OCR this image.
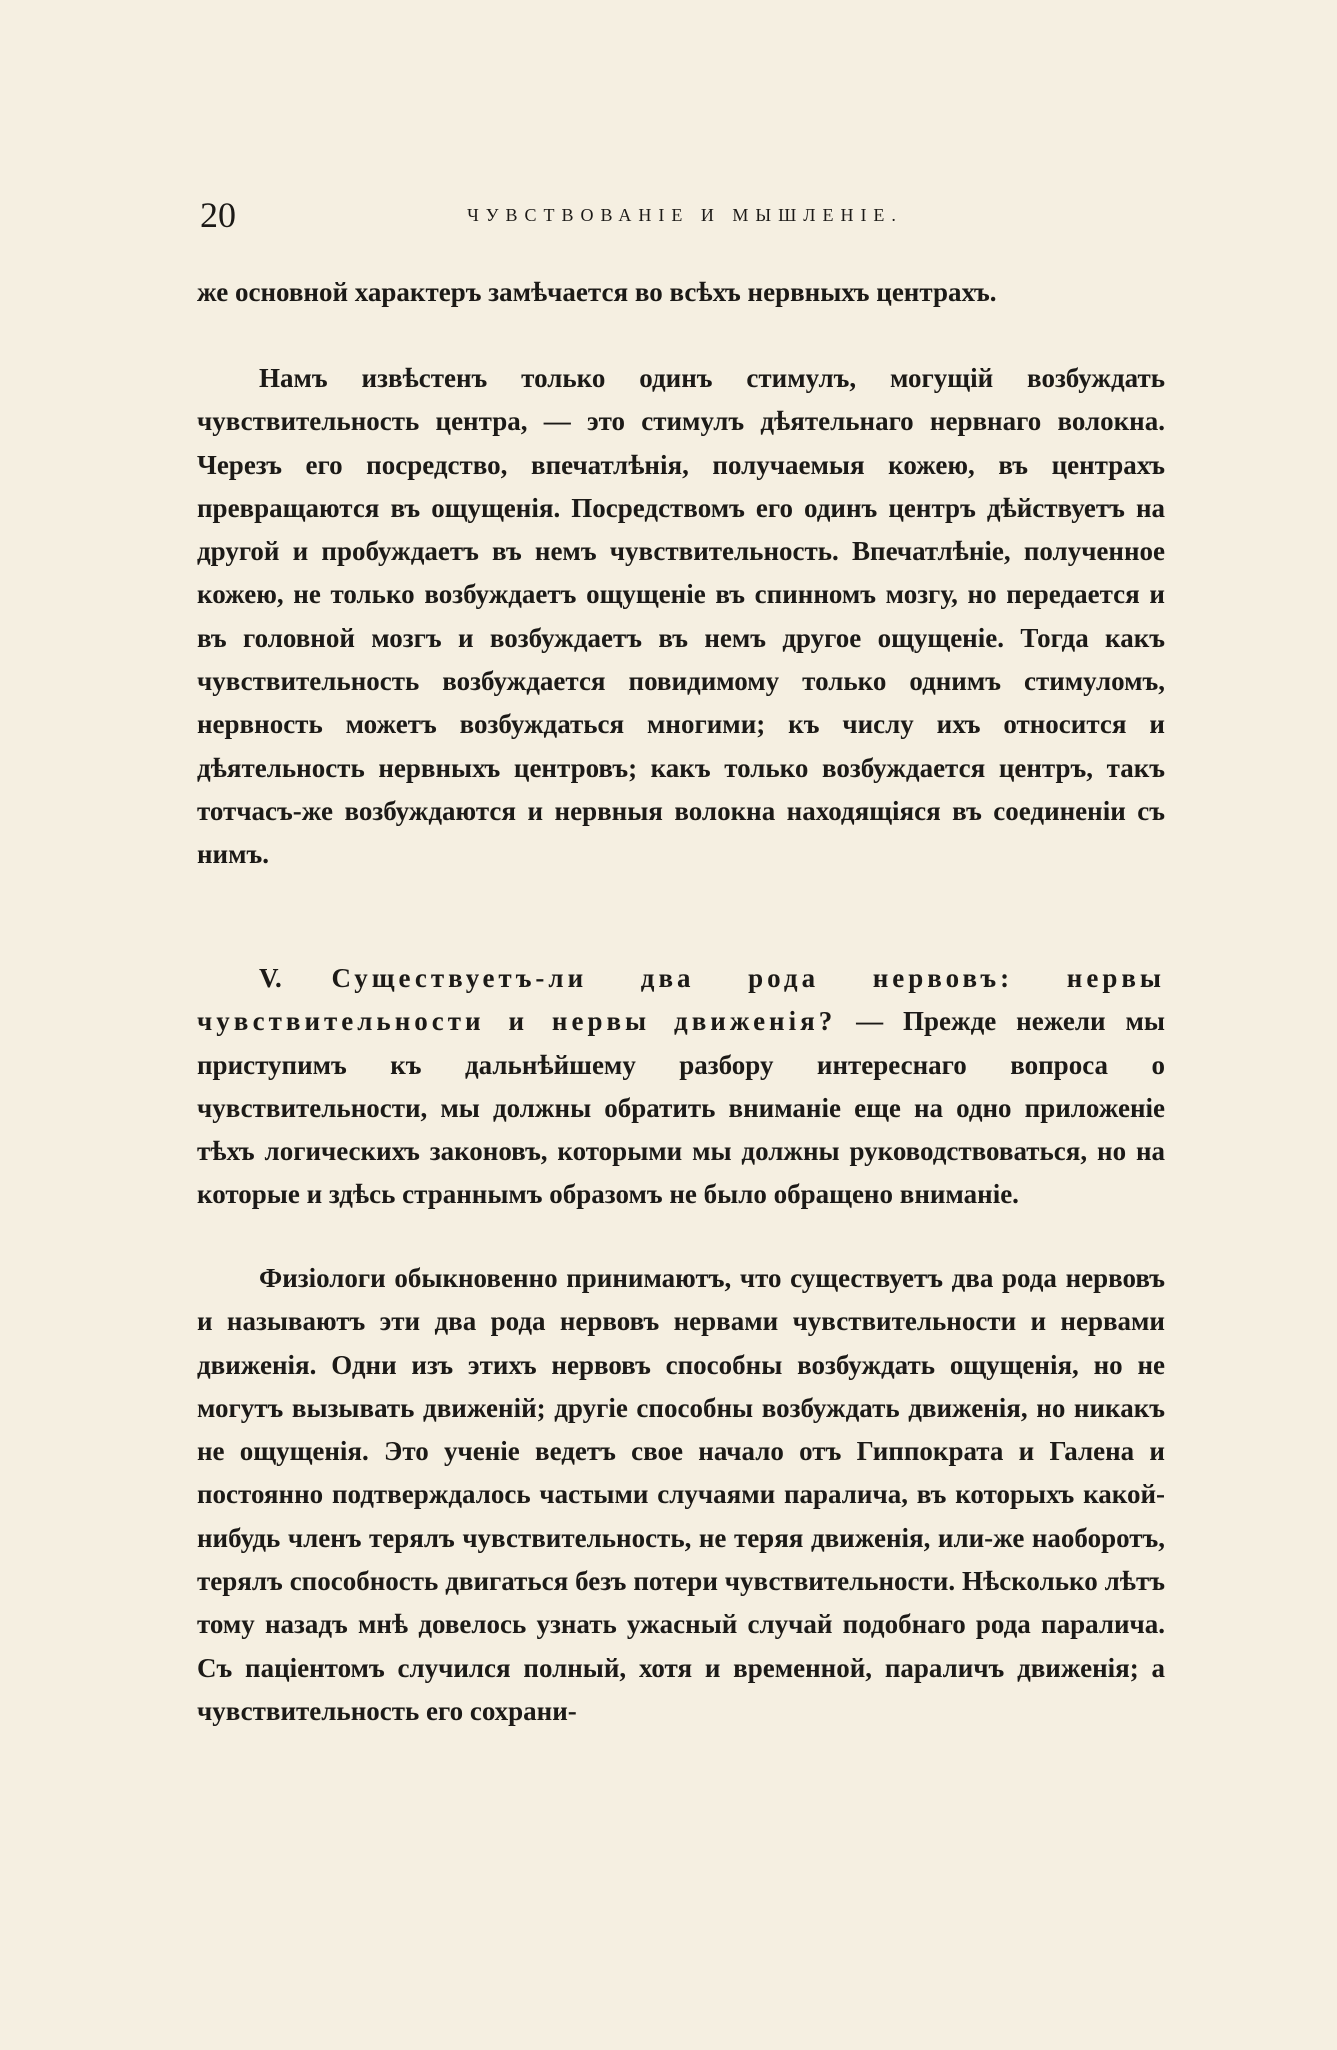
20	ЧУВСТВОВАНІЕ И МЫШЛЕНІЕ.

же основной характеръ замѣчается во всѣхъ нервныхъ центрахъ.

Намъ извѣстенъ только одинъ стимулъ, могущій возбуждать чувствительность центра, — это стимулъ дѣятельнаго нервнаго волокна. Черезъ его посредство, впечатлѣнія, получаемыя кожею, въ центрахъ превращаются въ ощущенія. Посредствомъ его одинъ центръ дѣйствуетъ на другой и пробуждаетъ въ немъ чувствительность. Впечатлѣніе, полученное кожею, не только возбуждаетъ ощущеніе въ спинномъ мозгу, но передается и въ головной мозгъ и возбуждаетъ въ немъ другое ощущеніе. Тогда какъ чувствительность возбуждается повидимому только однимъ стимуломъ, нервность можетъ возбуждаться многими; къ числу ихъ относится и дѣятельность нервныхъ центровъ; какъ только возбуждается центръ, такъ тотчасъ-же возбуждаются и нервныя волокна находящіяся въ соединеніи съ нимъ.

V. Существуетъ-ли два рода нервовъ: нервы чувствительности и нервы движенія? — Прежде нежели мы приступимъ къ дальнѣйшему разбору интереснаго вопроса о чувствительности, мы должны обратить вниманіе еще на одно приложеніе тѣхъ логическихъ законовъ, которыми мы должны руководствоваться, но на которые и здѣсь страннымъ образомъ не было обращено вниманіе.

Физіологи обыкновенно принимаютъ, что существуетъ два рода нервовъ и называютъ эти два рода нервовъ нервами чувствительности и нервами движенія. Одни изъ этихъ нервовъ способны возбуждать ощущенія, но не могутъ вызывать движеній; другіе способны возбуждать движенія, но никакъ не ощущенія. Это ученіе ведетъ свое начало отъ Гиппократа и Галена и постоянно подтверждалось частыми случаями паралича, въ которыхъ какой-нибудь членъ терялъ чувствительность, не теряя движенія, или-же наоборотъ, терялъ способность двигаться безъ потери чувствительности. Нѣсколько лѣтъ тому назадъ мнѣ довелось узнать ужасный случай подобнаго рода паралича. Съ паціентомъ случился полный, хотя и временной, параличъ движенія; а чувствительность его сохрани-
